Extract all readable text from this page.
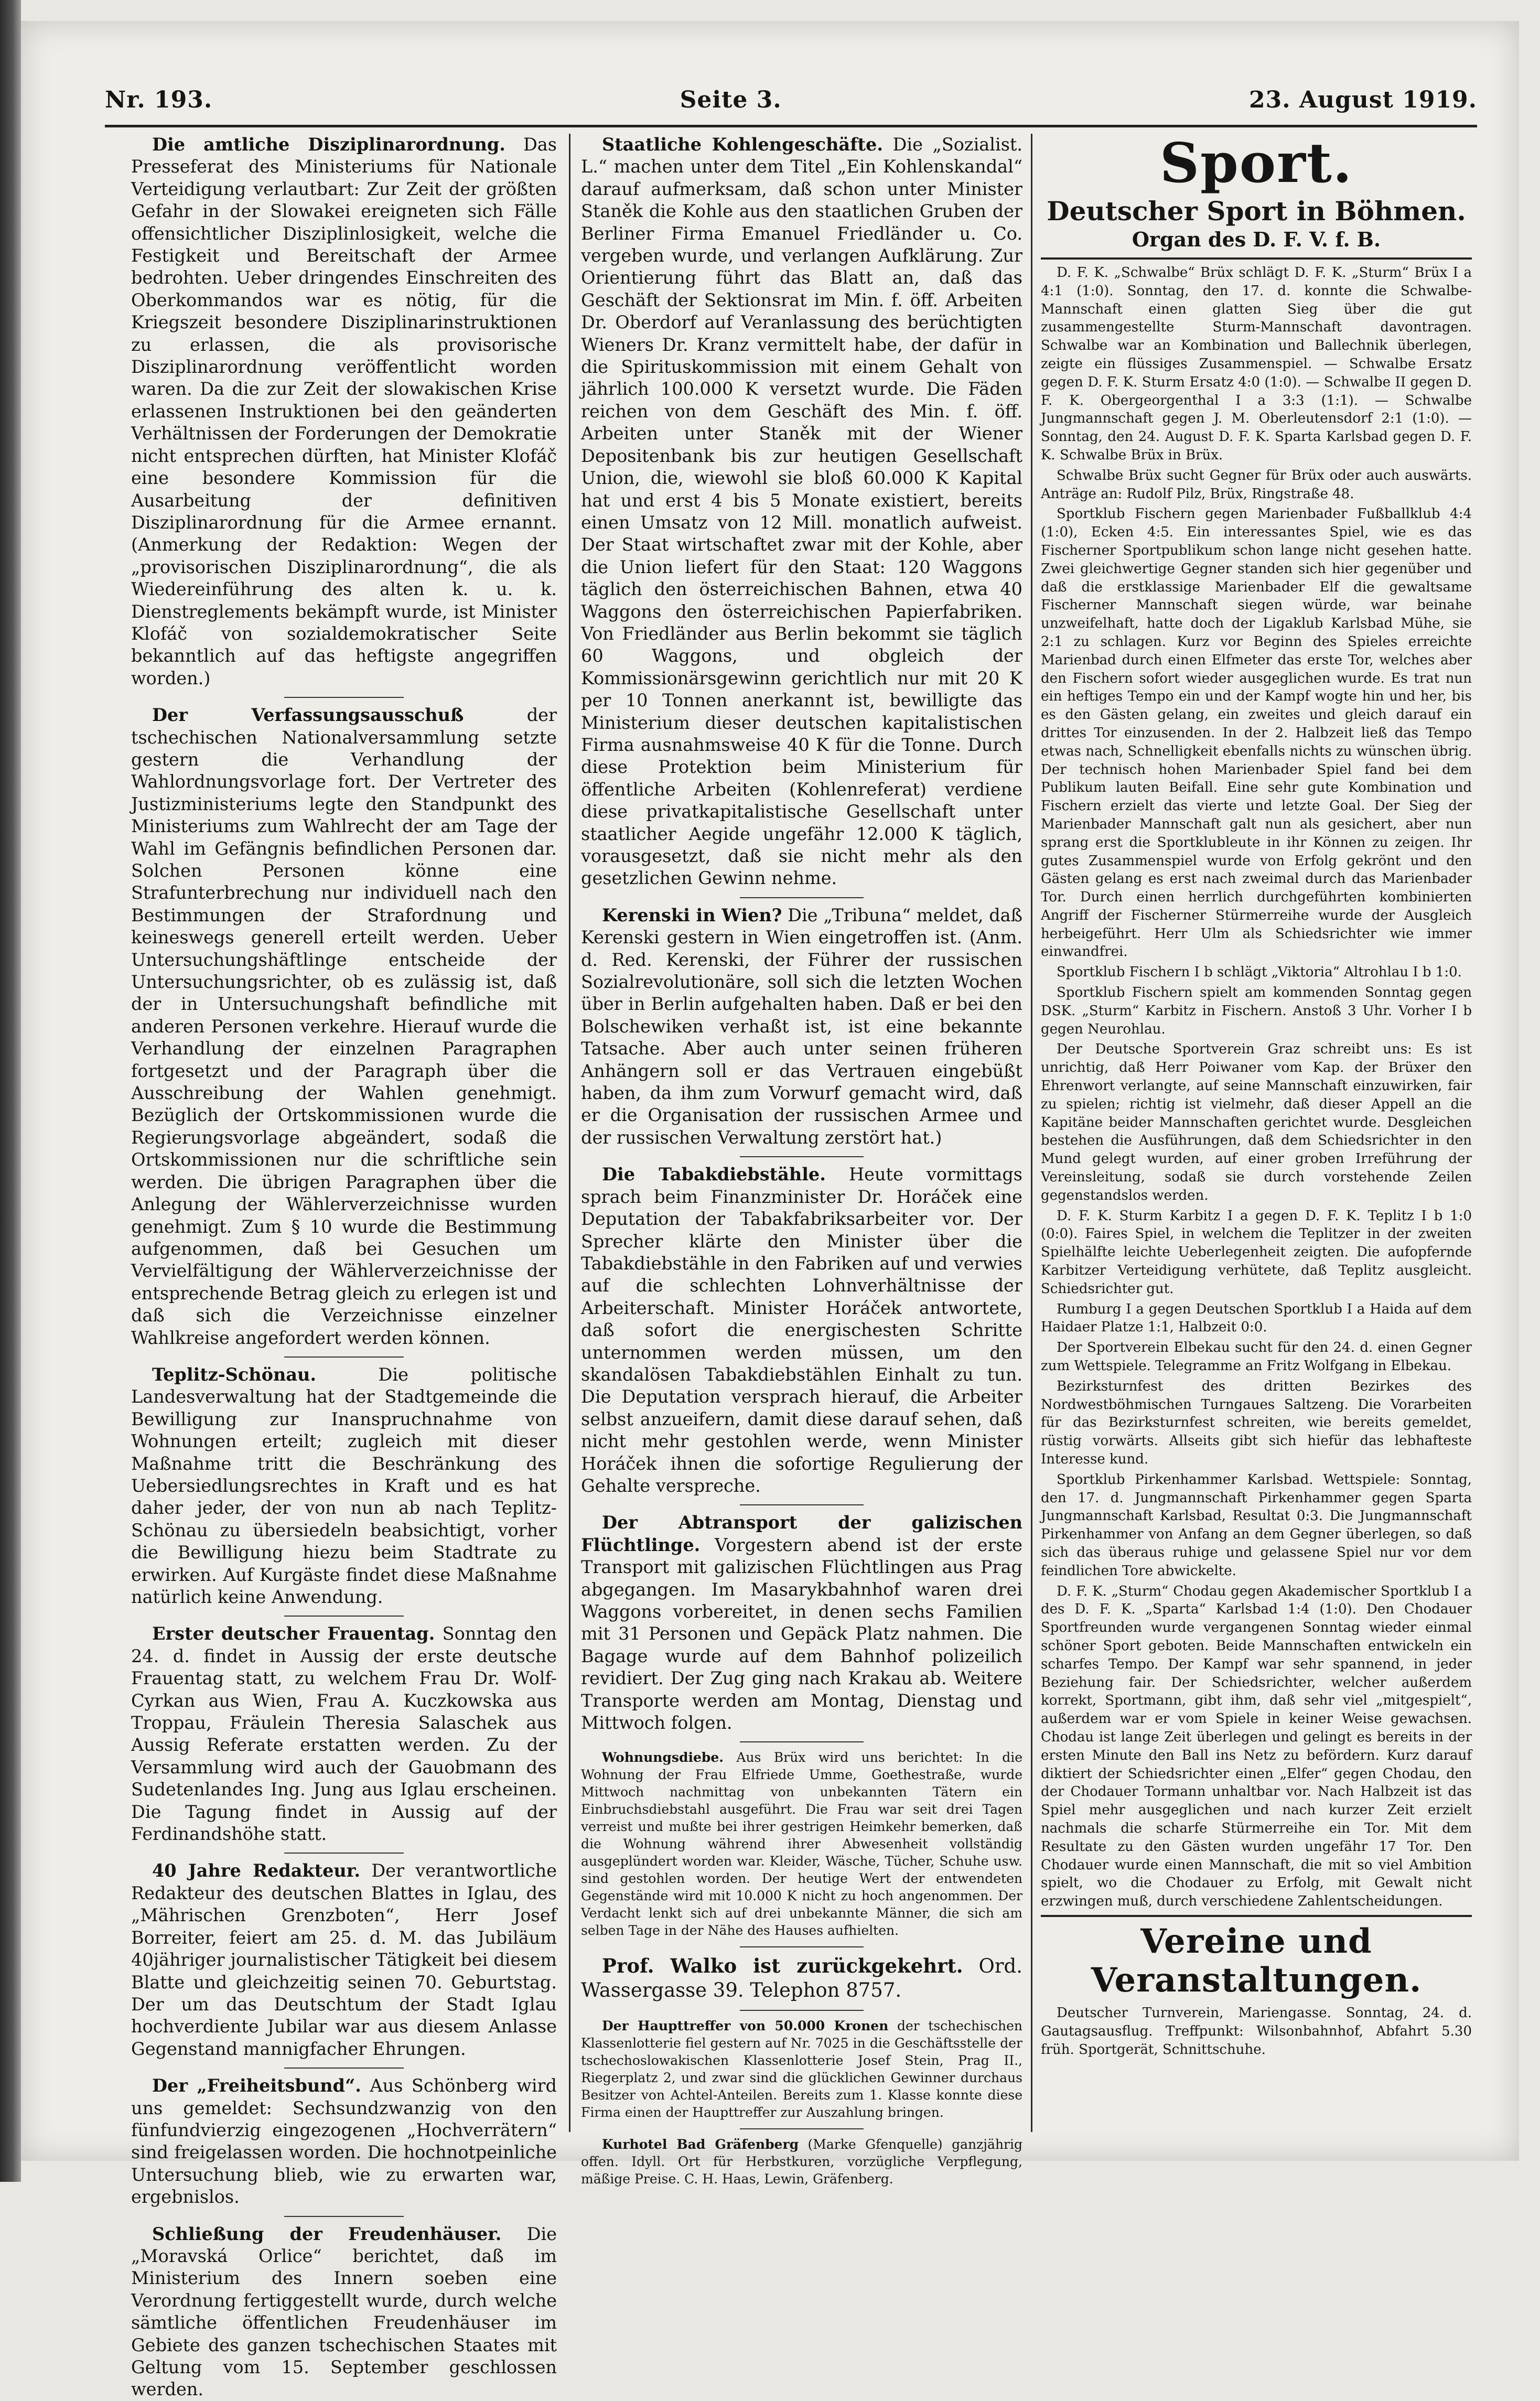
Nr. 193.	Seite 3.	23. August 1919.

Die amtliche Disziplinarordnung. Das Presseferat des Ministeriums für Nationale Verteidigung verlautbart: Zur Zeit der größten Gefahr in der Slowakei ereigneten sich Fälle offensichtlicher Disziplinlosigkeit, welche die Festigkeit und Bereitschaft der Armee bedrohten. Ueber dringendes Einschreiten des Oberkommandos war es nötig, für die Kriegszeit besondere Disziplinarinstruktionen zu erlassen, die als provisorische Disziplinarordnung veröffentlicht worden waren. Da die zur Zeit der slowakischen Krise erlassenen Instruktionen bei den geänderten Verhältnissen der Forderungen der Demokratie nicht entsprechen dürften, hat Minister Klofáč eine besondere Kommission für die Ausarbeitung der definitiven Disziplinarordnung für die Armee ernannt. (Anmerkung der Redaktion: Wegen der „provisorischen Disziplinarordnung“, die als Wiedereinführung des alten k. u. k. Dienstreglements bekämpft wurde, ist Minister Klofáč von sozialdemokratischer Seite bekanntlich auf das heftigste angegriffen worden.)

Der Verfassungsausschuß	der tschechischen Nationalversammlung setzte gestern die Verhandlung der Wahlordnungsvorlage fort. Der Vertreter des Justizministeriums legte den Standpunkt des Ministeriums zum Wahlrecht der am Tage der Wahl im Gefängnis befindlichen Personen dar. Solchen Personen könne eine Strafunterbrechung nur individuell nach den Bestimmungen der Strafordnung und keineswegs generell erteilt werden. Ueber Untersuchungshäftlinge entscheide der Untersuchungsrichter, ob es zulässig ist, daß der in Untersuchungshaft befindliche mit anderen Personen verkehre. Hierauf wurde die Verhandlung der einzelnen Paragraphen fortgesetzt und der Paragraph über die Ausschreibung der Wahlen genehmigt. Bezüglich der Ortskommissionen wurde die Regierungsvorlage abgeändert, sodaß die Ortskommissionen nur die schriftliche sein werden. Die übrigen Paragraphen über die Anlegung der Wählerverzeichnisse wurden genehmigt. Zum § 10 wurde die Bestimmung aufgenommen, daß bei Gesuchen um Vervielfältigung der Wählerverzeichnisse der entsprechende Betrag gleich zu erlegen ist und daß sich die Verzeichnisse einzelner Wahlkreise angefordert werden können.

Teplitz-Schönau.	Die politische Landesverwaltung hat der Stadtgemeinde die Bewilligung zur Inanspruchnahme von Wohnungen erteilt; zugleich mit dieser Maßnahme tritt die Beschränkung des Uebersiedlungsrechtes in Kraft und es hat daher jeder, der von nun ab nach Teplitz-Schönau zu übersiedeln beabsichtigt, vorher die Bewilligung hiezu beim Stadtrate zu erwirken. Auf Kurgäste findet diese Maßnahme natürlich keine Anwendung.

Erster deutscher Frauentag. Sonntag den 24. d. findet in Aussig der erste deutsche Frauentag statt, zu welchem Frau Dr. Wolf-Cyrkan aus Wien, Frau A. Kuczkowska aus Troppau, Fräulein Theresia Salaschek aus Aussig Referate erstatten werden. Zu der Versammlung wird auch der Gauobmann des Sudetenlandes Ing. Jung aus Iglau erscheinen. Die Tagung findet in Aussig auf der Ferdinandshöhe statt.

40 Jahre Redakteur. Der verantwortliche Redakteur des deutschen Blattes in Iglau, des „Mährischen Grenzboten“, Herr Josef Borreiter, feiert am 25. d. M. das Jubiläum 40jähriger journalistischer Tätigkeit bei diesem Blatte und gleichzeitig seinen 70. Geburtstag. Der um das Deutschtum der Stadt Iglau hochverdiente Jubilar war aus diesem Anlasse Gegenstand mannigfacher Ehrungen.

Der „Freiheitsbund“. Aus Schönberg wird uns gemeldet: Sechsundzwanzig von den fünfundvierzig eingezogenen „Hochverrätern“ sind freigelassen worden. Die hochnotpeinliche Untersuchung blieb, wie zu erwarten war, ergebnislos.

Schließung der Freudenhäuser. Die „Moravská Orlice“ berichtet, daß im Ministerium des Innern soeben eine Verordnung fertiggestellt wurde, durch welche sämtliche öffentlichen Freudenhäuser im Gebiete des ganzen tschechischen Staates mit Geltung vom 15. September geschlossen werden.

Staatliche Kohlengeschäfte. Die „Sozialist. L.“ machen unter dem Titel „Ein Kohlenskandal“ darauf aufmerksam, daß schon unter Minister Staněk die Kohle aus den staatlichen Gruben der Berliner Firma Emanuel Friedländer u. Co. vergeben wurde, und verlangen Aufklärung. Zur Orientierung führt das Blatt an, daß das Geschäft der Sektionsrat im Min. f. öff. Arbeiten Dr. Oberdorf auf Veranlassung des berüchtigten Wieners Dr. Kranz vermittelt habe, der dafür in die Spirituskommission mit einem Gehalt von jährlich 100.000 K versetzt wurde. Die Fäden reichen von dem Geschäft des Min. f. öff. Arbeiten unter Staněk mit der Wiener Depositenbank bis zur heutigen Gesellschaft Union, die, wiewohl sie bloß 60.000 K Kapital hat und erst 4 bis 5 Monate existiert, bereits einen Umsatz von 12 Mill. monatlich aufweist. Der Staat wirtschaftet zwar mit der Kohle, aber die Union liefert für den Staat: 120 Waggons täglich den österreichischen Bahnen, etwa 40 Waggons den österreichischen Papierfabriken. Von Friedländer aus Berlin bekommt sie täglich 60 Waggons, und obgleich der Kommissionärsgewinn gerichtlich nur mit 20 K per 10 Tonnen anerkannt ist, bewilligte das Ministerium dieser deutschen kapitalistischen Firma ausnahmsweise 40 K für die Tonne. Durch diese Protektion beim Ministerium für öffentliche Arbeiten (Kohlenreferat) verdiene diese privatkapitalistische Gesellschaft unter staatlicher Aegide ungefähr 12.000 K täglich, vorausgesetzt, daß sie nicht mehr als den gesetzlichen Gewinn nehme.

Kerenski in Wien? Die „Tribuna“ meldet, daß Kerenski gestern in Wien eingetroffen ist. (Anm. d. Red. Kerenski, der Führer der russischen Sozialrevolutionäre, soll sich die letzten Wochen über in Berlin aufgehalten haben. Daß er bei den Bolschewiken verhaßt ist, ist eine bekannte Tatsache. Aber auch unter seinen früheren Anhängern soll er das Vertrauen eingebüßt haben, da ihm zum Vorwurf gemacht wird, daß er die Organisation der russischen Armee und der russischen Verwaltung zerstört hat.)

Die Tabakdiebstähle. Heute vormittags sprach beim Finanzminister Dr. Horáček eine Deputation der Tabakfabriksarbeiter vor. Der Sprecher klärte den Minister über die Tabakdiebstähle in den Fabriken auf und verwies auf die schlechten Lohnverhältnisse der Arbeiterschaft. Minister Horáček antwortete, daß sofort die energischesten Schritte unternommen werden müssen, um den skandalösen Tabakdiebstählen Einhalt zu tun. Die Deputation versprach hierauf, die Arbeiter selbst anzueifern, damit diese darauf sehen, daß nicht mehr gestohlen werde, wenn Minister Horáček ihnen die sofortige Regulierung der Gehalte verspreche.

Der Abtransport der galizischen Flüchtlinge. Vorgestern abend ist der erste Transport mit galizischen Flüchtlingen aus Prag abgegangen. Im Masarykbahnhof waren drei Waggons vorbereitet, in denen sechs Familien mit 31 Personen und Gepäck Platz nahmen. Die Bagage wurde auf dem Bahnhof polizeilich revidiert. Der Zug ging nach Krakau ab. Weitere Transporte werden am Montag, Dienstag und Mittwoch folgen.

Wohnungsdiebe. Aus Brüx wird uns berichtet: In die Wohnung der Frau Elfriede Umme, Goethestraße, wurde Mittwoch nachmittag von unbekannten Tätern ein Einbruchsdiebstahl ausgeführt. Die Frau war seit drei Tagen verreist und mußte bei ihrer gestrigen Heimkehr bemerken, daß die Wohnung während ihrer Abwesenheit vollständig ausgeplündert worden war. Kleider, Wäsche, Tücher, Schuhe usw. sind gestohlen worden. Der heutige Wert der entwendeten Gegenstände wird mit 10.000 K nicht zu hoch angenommen. Der Verdacht lenkt sich auf drei unbekannte Männer, die sich am selben Tage in der Nähe des Hauses aufhielten.

Prof. Walko ist zurückgekehrt. Ord. Wassergasse 39. Telephon 8757.

Der Haupttreffer von 50.000 Kronen der tschechischen Klassenlotterie fiel gestern auf Nr. 7025 in die Geschäftsstelle der tschechoslowakischen Klassenlotterie Josef Stein, Prag II., Riegerplatz 2, und zwar sind die glücklichen Gewinner durchaus Besitzer von Achtel-Anteilen. Bereits zum 1. Klasse konnte diese Firma einen der Haupttreffer zur Auszahlung bringen.

Kurhotel Bad Gräfenberg (Marke Gfenquelle) ganzjährig offen. Idyll. Ort für Herbstkuren, vorzügliche Verpflegung, mäßige Preise. C. H. Haas, Lewin, Gräfenberg.

Sport.
Deutscher Sport in Böhmen.
Organ des D. F. V. f. B.

D. F. K. „Schwalbe“ Brüx schlägt D. F. K. „Sturm“ Brüx I a 4:1 (1:0). Sonntag, den 17. d. konnte die Schwalbe-Mannschaft einen glatten Sieg über die gut zusammengestellte Sturm-Mannschaft davontragen. Schwalbe war an Kombination und Ballechnik überlegen, zeigte ein flüssiges Zusammenspiel. — Schwalbe Ersatz gegen D. F. K. Sturm Ersatz 4:0 (1:0). — Schwalbe II gegen D. F. K. Obergeorgenthal I a 3:3 (1:1). — Schwalbe Jungmannschaft gegen J. M. Oberleutensdorf 2:1 (1:0). — Sonntag, den 24. August D. F. K. Sparta Karlsbad gegen D. F. K. Schwalbe Brüx in Brüx.

Schwalbe Brüx sucht Gegner für Brüx oder auch auswärts. Anträge an: Rudolf Pilz, Brüx, Ringstraße 48.

Sportklub Fischern gegen Marienbader Fußballklub 4:4 (1:0), Ecken 4:5. Ein interessantes Spiel, wie es das Fischerner Sportpublikum schon lange nicht gesehen hatte. Zwei gleichwertige Gegner standen sich hier gegenüber und daß die erstklassige Marienbader Elf die gewaltsame Fischerner Mannschaft siegen würde, war beinahe unzweifelhaft, hatte doch der Ligaklub Karlsbad Mühe, sie 2:1 zu schlagen. Kurz vor Beginn des Spieles erreichte Marienbad durch einen Elfmeter das erste Tor, welches aber den Fischern sofort wieder ausgeglichen wurde. Es trat nun ein heftiges Tempo ein und der Kampf wogte hin und her, bis es den Gästen gelang, ein zweites und gleich darauf ein drittes Tor einzusenden. In der 2. Halbzeit ließ das Tempo etwas nach, Schnelligkeit ebenfalls nichts zu wünschen übrig. Der technisch hohen Marienbader Spiel fand bei dem Publikum lauten Beifall. Eine sehr gute Kombination und Fischern erzielt das vierte und letzte Goal. Der Sieg der Marienbader Mannschaft galt nun als gesichert, aber nun sprang erst die Sportklubleute in ihr Können zu zeigen. Ihr gutes Zusammenspiel wurde von Erfolg gekrönt und den Gästen gelang es erst nach zweimal durch das Marienbader Tor. Durch einen herrlich durchgeführten kombinierten Angriff der Fischerner Stürmerreihe wurde der Ausgleich herbeigeführt. Herr Ulm als Schiedsrichter wie immer einwandfrei.

Sportklub Fischern I b schlägt „Viktoria“ Altrohlau I b 1:0.

Sportklub Fischern spielt am kommenden Sonntag gegen DSK. „Sturm“ Karbitz in Fischern. Anstoß 3 Uhr. Vorher I b gegen Neurohlau.

Der Deutsche Sportverein Graz schreibt uns: Es ist unrichtig, daß Herr Poiwaner vom Kap. der Brüxer den Ehrenwort verlangte, auf seine Mannschaft einzuwirken, fair zu spielen; richtig ist vielmehr, daß dieser Appell an die Kapitäne beider Mannschaften gerichtet wurde. Desgleichen bestehen die Ausführungen, daß dem Schiedsrichter in den Mund gelegt wurden, auf einer groben Irreführung der Vereinsleitung, sodaß sie durch vorstehende Zeilen gegenstandslos werden.

D. F. K. Sturm Karbitz I a gegen D. F. K. Teplitz I b 1:0 (0:0). Faires Spiel, in welchem die Teplitzer in der zweiten Spielhälfte leichte Ueberlegenheit zeigten. Die aufopfernde Karbitzer Verteidigung verhütete, daß Teplitz ausgleicht. Schiedsrichter gut.

Rumburg I a gegen Deutschen Sportklub I a Haida auf dem Haidaer Platze 1:1, Halbzeit 0:0.

Der Sportverein Elbekau sucht für den 24. d. einen Gegner zum Wettspiele. Telegramme an Fritz Wolfgang in Elbekau.

Bezirksturnfest des dritten Bezirkes des Nordwestböhmischen Turngaues Saltzeng. Die Vorarbeiten für das Bezirksturnfest schreiten, wie bereits gemeldet, rüstig vorwärts. Allseits gibt sich hiefür das lebhafteste Interesse kund.

Sportklub Pirkenhammer Karlsbad. Wettspiele: Sonntag, den 17. d. Jungmannschaft Pirkenhammer gegen Sparta Jungmannschaft Karlsbad, Resultat 0:3. Die Jungmannschaft Pirkenhammer von Anfang an dem Gegner überlegen, so daß sich das überaus ruhige und gelassene Spiel nur vor dem feindlichen Tore abwickelte.

D. F. K. „Sturm“ Chodau gegen Akademischer Sportklub I a des D. F. K. „Sparta“ Karlsbad 1:4 (1:0). Den Chodauer Sportfreunden wurde vergangenen Sonntag wieder einmal schöner Sport geboten. Beide Mannschaften entwickeln ein scharfes Tempo. Der Kampf war sehr spannend, in jeder Beziehung fair. Der Schiedsrichter, welcher außerdem korrekt, Sportmann, gibt ihm, daß sehr viel „mitgespielt“, außerdem war er vom Spiele in keiner Weise gewachsen. Chodau ist lange Zeit überlegen und gelingt es bereits in der ersten Minute den Ball ins Netz zu befördern. Kurz darauf diktiert der Schiedsrichter einen „Elfer“ gegen Chodau, den der Chodauer Tormann unhaltbar vor. Nach Halbzeit ist das Spiel mehr ausgeglichen und nach kurzer Zeit erzielt nachmals die scharfe Stürmerreihe ein Tor. Mit dem Resultate zu den Gästen wurden ungefähr 17 Tor. Den Chodauer wurde einen Mannschaft, die mit so viel Ambition spielt, wo die Chodauer zu Erfolg, mit Gewalt nicht erzwingen muß, durch verschiedene Zahlentscheidungen.

Vereine und Veranstaltungen.

Deutscher Turnverein, Mariengasse. Sonntag, 24. d. Gautagsausflug. Treffpunkt: Wilsonbahnhof, Abfahrt 5.30 früh. Sportgerät, Schnittschuhe.
